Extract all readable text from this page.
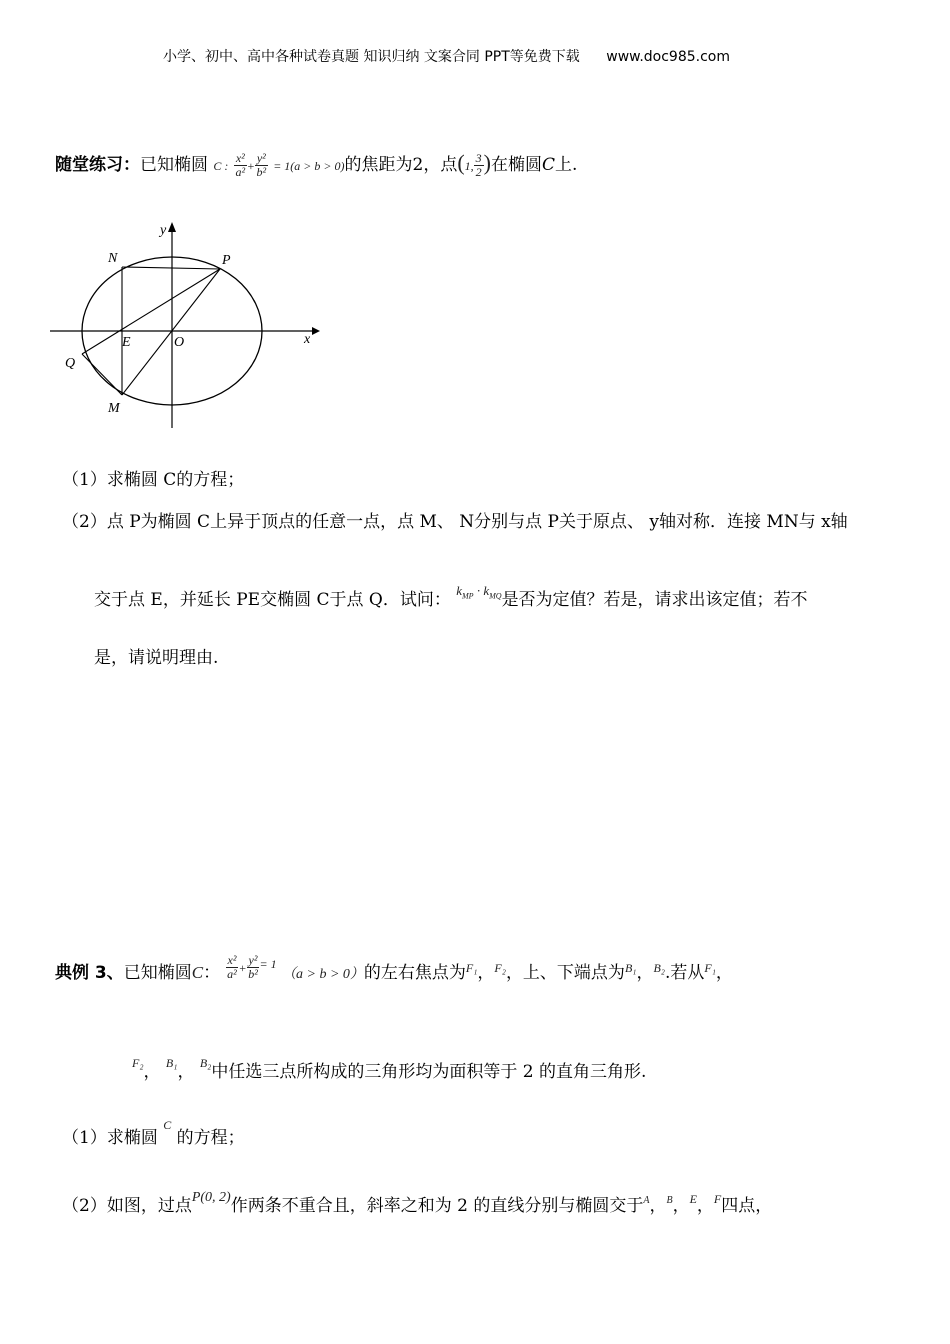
小学、初中、高中各种试卷真题 知识归纳 文案合同 PPT等免费下载 www.doc985.com
随堂练习：已知椭圆 C : $\frac{\text{x²}}{\text{a²}} + \frac{\text{y²}}{\text{b²}} = 1(a > b > 0)$的焦距为2，点(1, $\frac{3}{2}$ )在椭圆C上.
y
x
N	P
E	O
Q
M
（1）求椭圆 C的方程；
（2）点 P为椭圆 C上异于顶点的任意一点，点 M、 N分别与点 P关于原点、 y轴对称．连接 MN与 x轴
交于点 E，并延长 PE交椭圆 C于点 Q．试问： $^{k_{MP} \cdot k_{MQ}}$是否为定值？若是，请求出该定值；若不
是，请说明理由.
典例 3、已知椭圆C： $\frac{\text{x²}}{\text{a²}} ^+ \frac{\text{y²}}{\text{b²}} ^{= 1}$ （a > b > 0）的左右焦点为$^{F_1}$，$^{F_2}$，上、下端点为$^{B_1}$，$^{B_2}$.若从$^{F_1}$，
$^{F_2}$， $^{B_1}$， $^{B_2}$中任选三点所构成的三角形均为面积等于 2 的直角三角形.
（1）求椭圆 $^C$ 的方程；
（2）如图，过点$^{P(0, 2)}$作两条不重合且，斜率之和为 2 的直线分别与椭圆交于$^A$，$^B$，$^E$，$^F$四点，
